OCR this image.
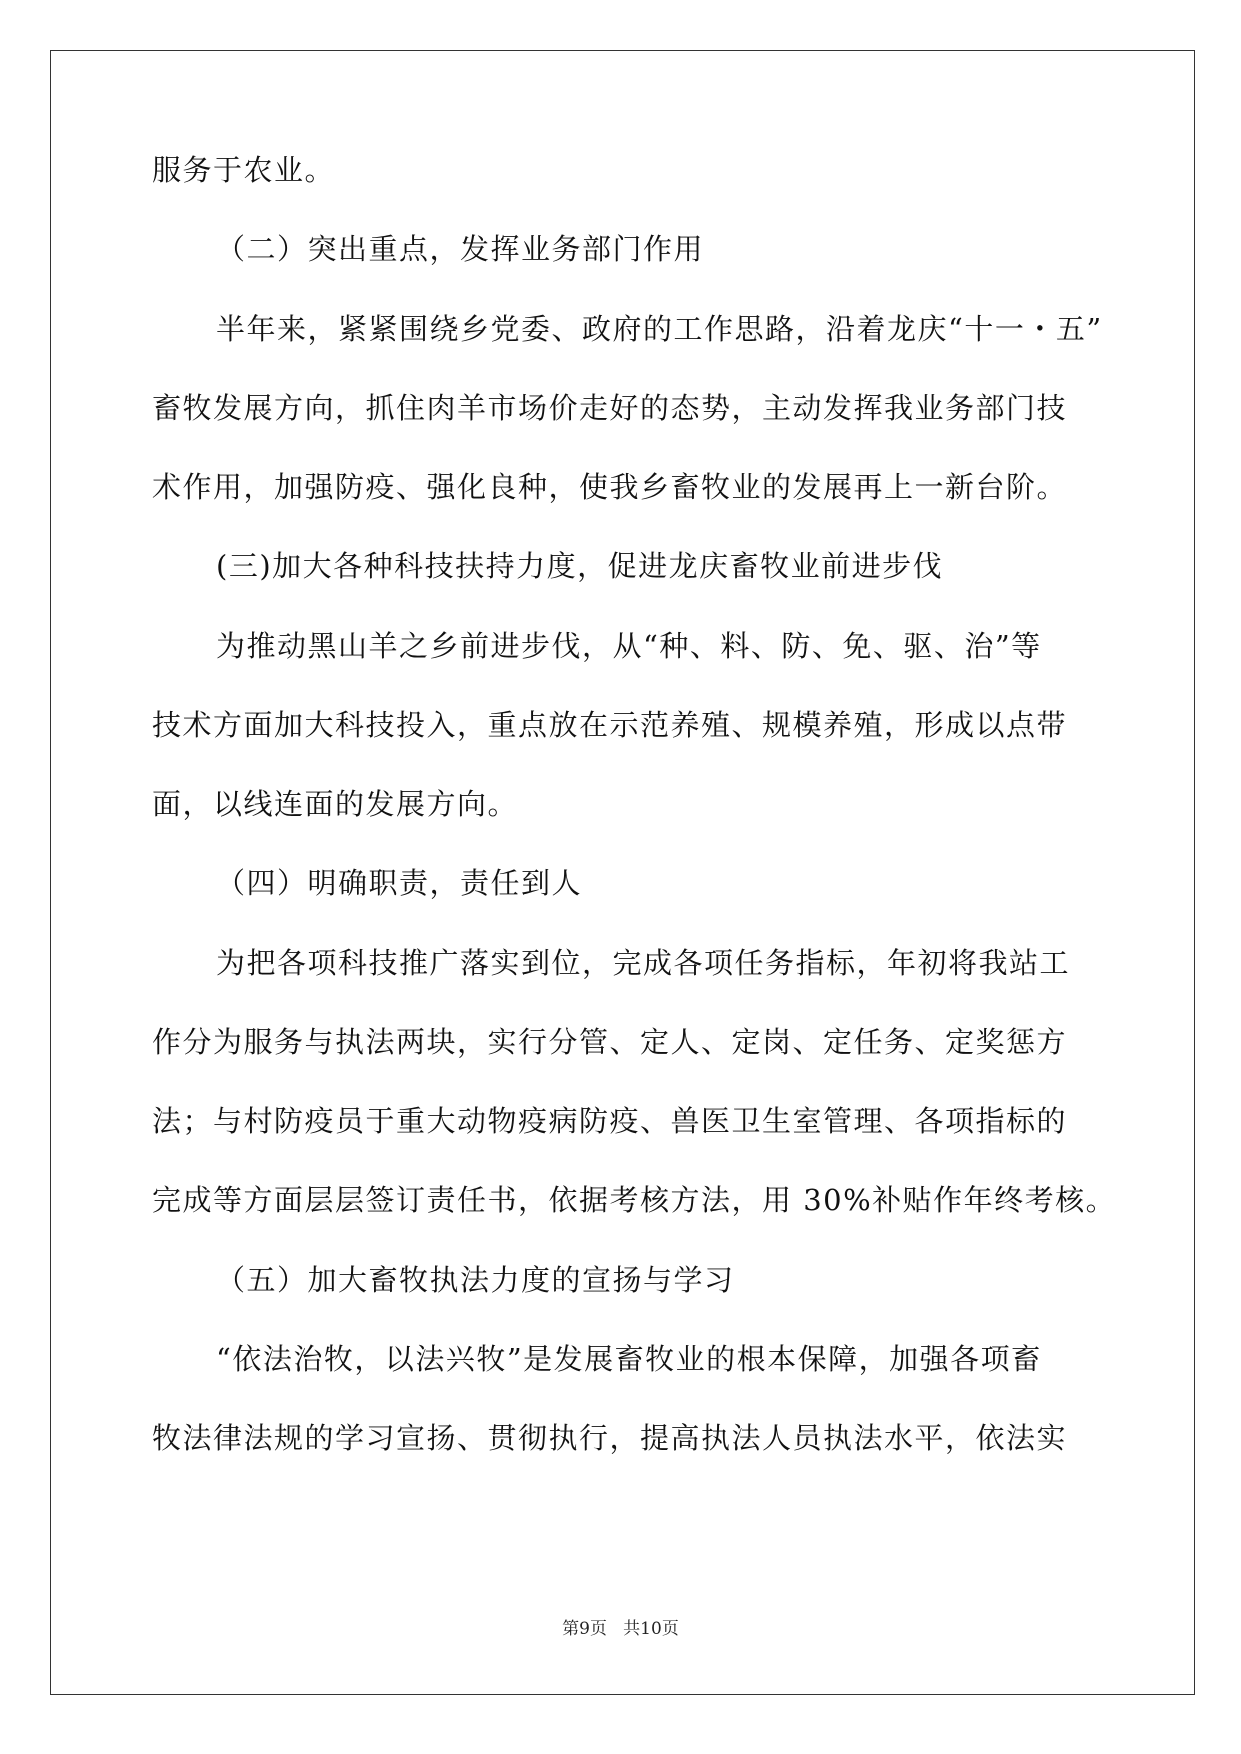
服务于农业。
（二）突出重点，发挥业务部门作用
半年来，紧紧围绕乡党委、政府的工作思路，沿着龙庆“十一・五”
畜牧发展方向，抓住肉羊市场价走好的态势，主动发挥我业务部门技
术作用，加强防疫、强化良种，使我乡畜牧业的发展再上一新台阶。
(三)加大各种科技扶持力度，促进龙庆畜牧业前进步伐
为推动黑山羊之乡前进步伐，从“种、料、防、免、驱、治”等
技术方面加大科技投入，重点放在示范养殖、规模养殖，形成以点带
面，以线连面的发展方向。
（四）明确职责，责任到人
为把各项科技推广落实到位，完成各项任务指标，年初将我站工
作分为服务与执法两块，实行分管、定人、定岗、定任务、定奖惩方
法；与村防疫员于重大动物疫病防疫、兽医卫生室管理、各项指标的
完成等方面层层签订责任书，依据考核方法，用 30%补贴作年终考核。
（五）加大畜牧执法力度的宣扬与学习
“依法治牧，以法兴牧”是发展畜牧业的根本保障，加强各项畜
牧法律法规的学习宣扬、贯彻执行，提高执法人员执法水平，依法实
第9页   共10页
